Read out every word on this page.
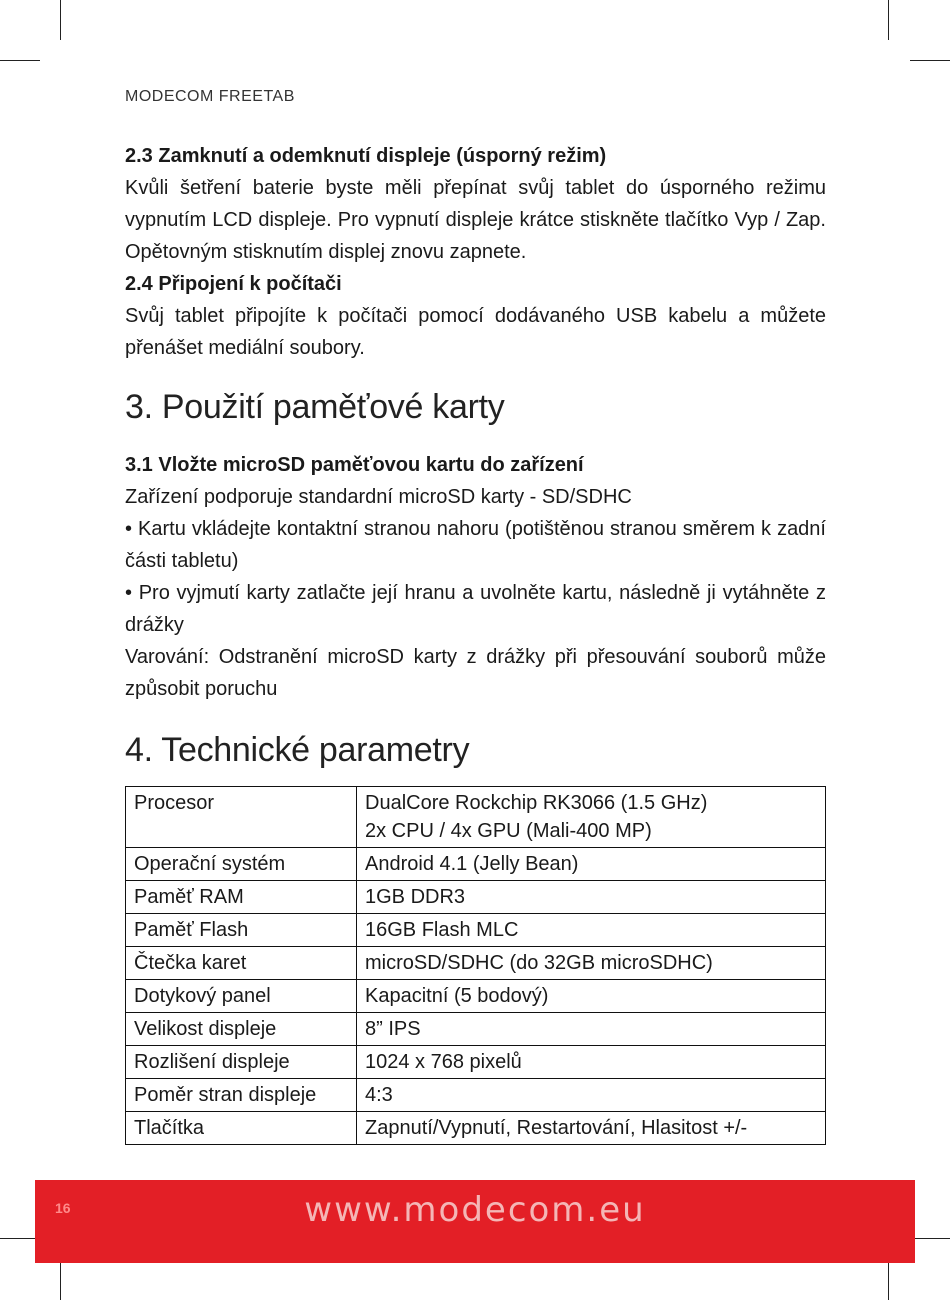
MODECOM FREETAB

2.3 Zamknutí a odemknutí displeje (úsporný režim)

Kvůli šetření baterie byste měli přepínat svůj tablet do úsporného režimu vypnutím LCD displeje. Pro vypnutí displeje krátce stiskněte tlačítko Vyp / Zap. Opětovným stisknutím displej znovu zapnete.

2.4 Připojení k počítači

Svůj tablet připojíte k počítači pomocí dodávaného USB kabelu a můžete přenášet mediální soubory.

3. Použití paměťové karty

3.1 Vložte microSD paměťovou kartu do zařízení

Zařízení podporuje standardní microSD karty - SD/SDHC

• Kartu vkládejte kontaktní stranou nahoru (potištěnou stranou směrem k zadní části tabletu)

• Pro vyjmutí karty zatlačte její hranu a uvolněte kartu, následně ji vytáhněte z drážky

Varování: Odstranění microSD karty z drážky při přesouvání souborů může způsobit poruchu

4. Technické parametry
Procesor	DualCore Rockchip RK3066 (1.5 GHz)
2x CPU / 4x GPU (Mali-400 MP)

Operační systém	Android 4.1 (Jelly Bean)
Paměť RAM	1GB DDR3
Paměť Flash	16GB Flash MLC
Čtečka karet	microSD/SDHC (do 32GB microSDHC)
Dotykový panel	Kapacitní (5 bodový)
Velikost displeje	8” IPS
Rozlišení displeje	1024 x 768 pixelů
Poměr stran displeje	4:3
Tlačítka	Zapnutí/Vypnutí, Restartování, Hlasitost +/-
16	www.modecom.eu
